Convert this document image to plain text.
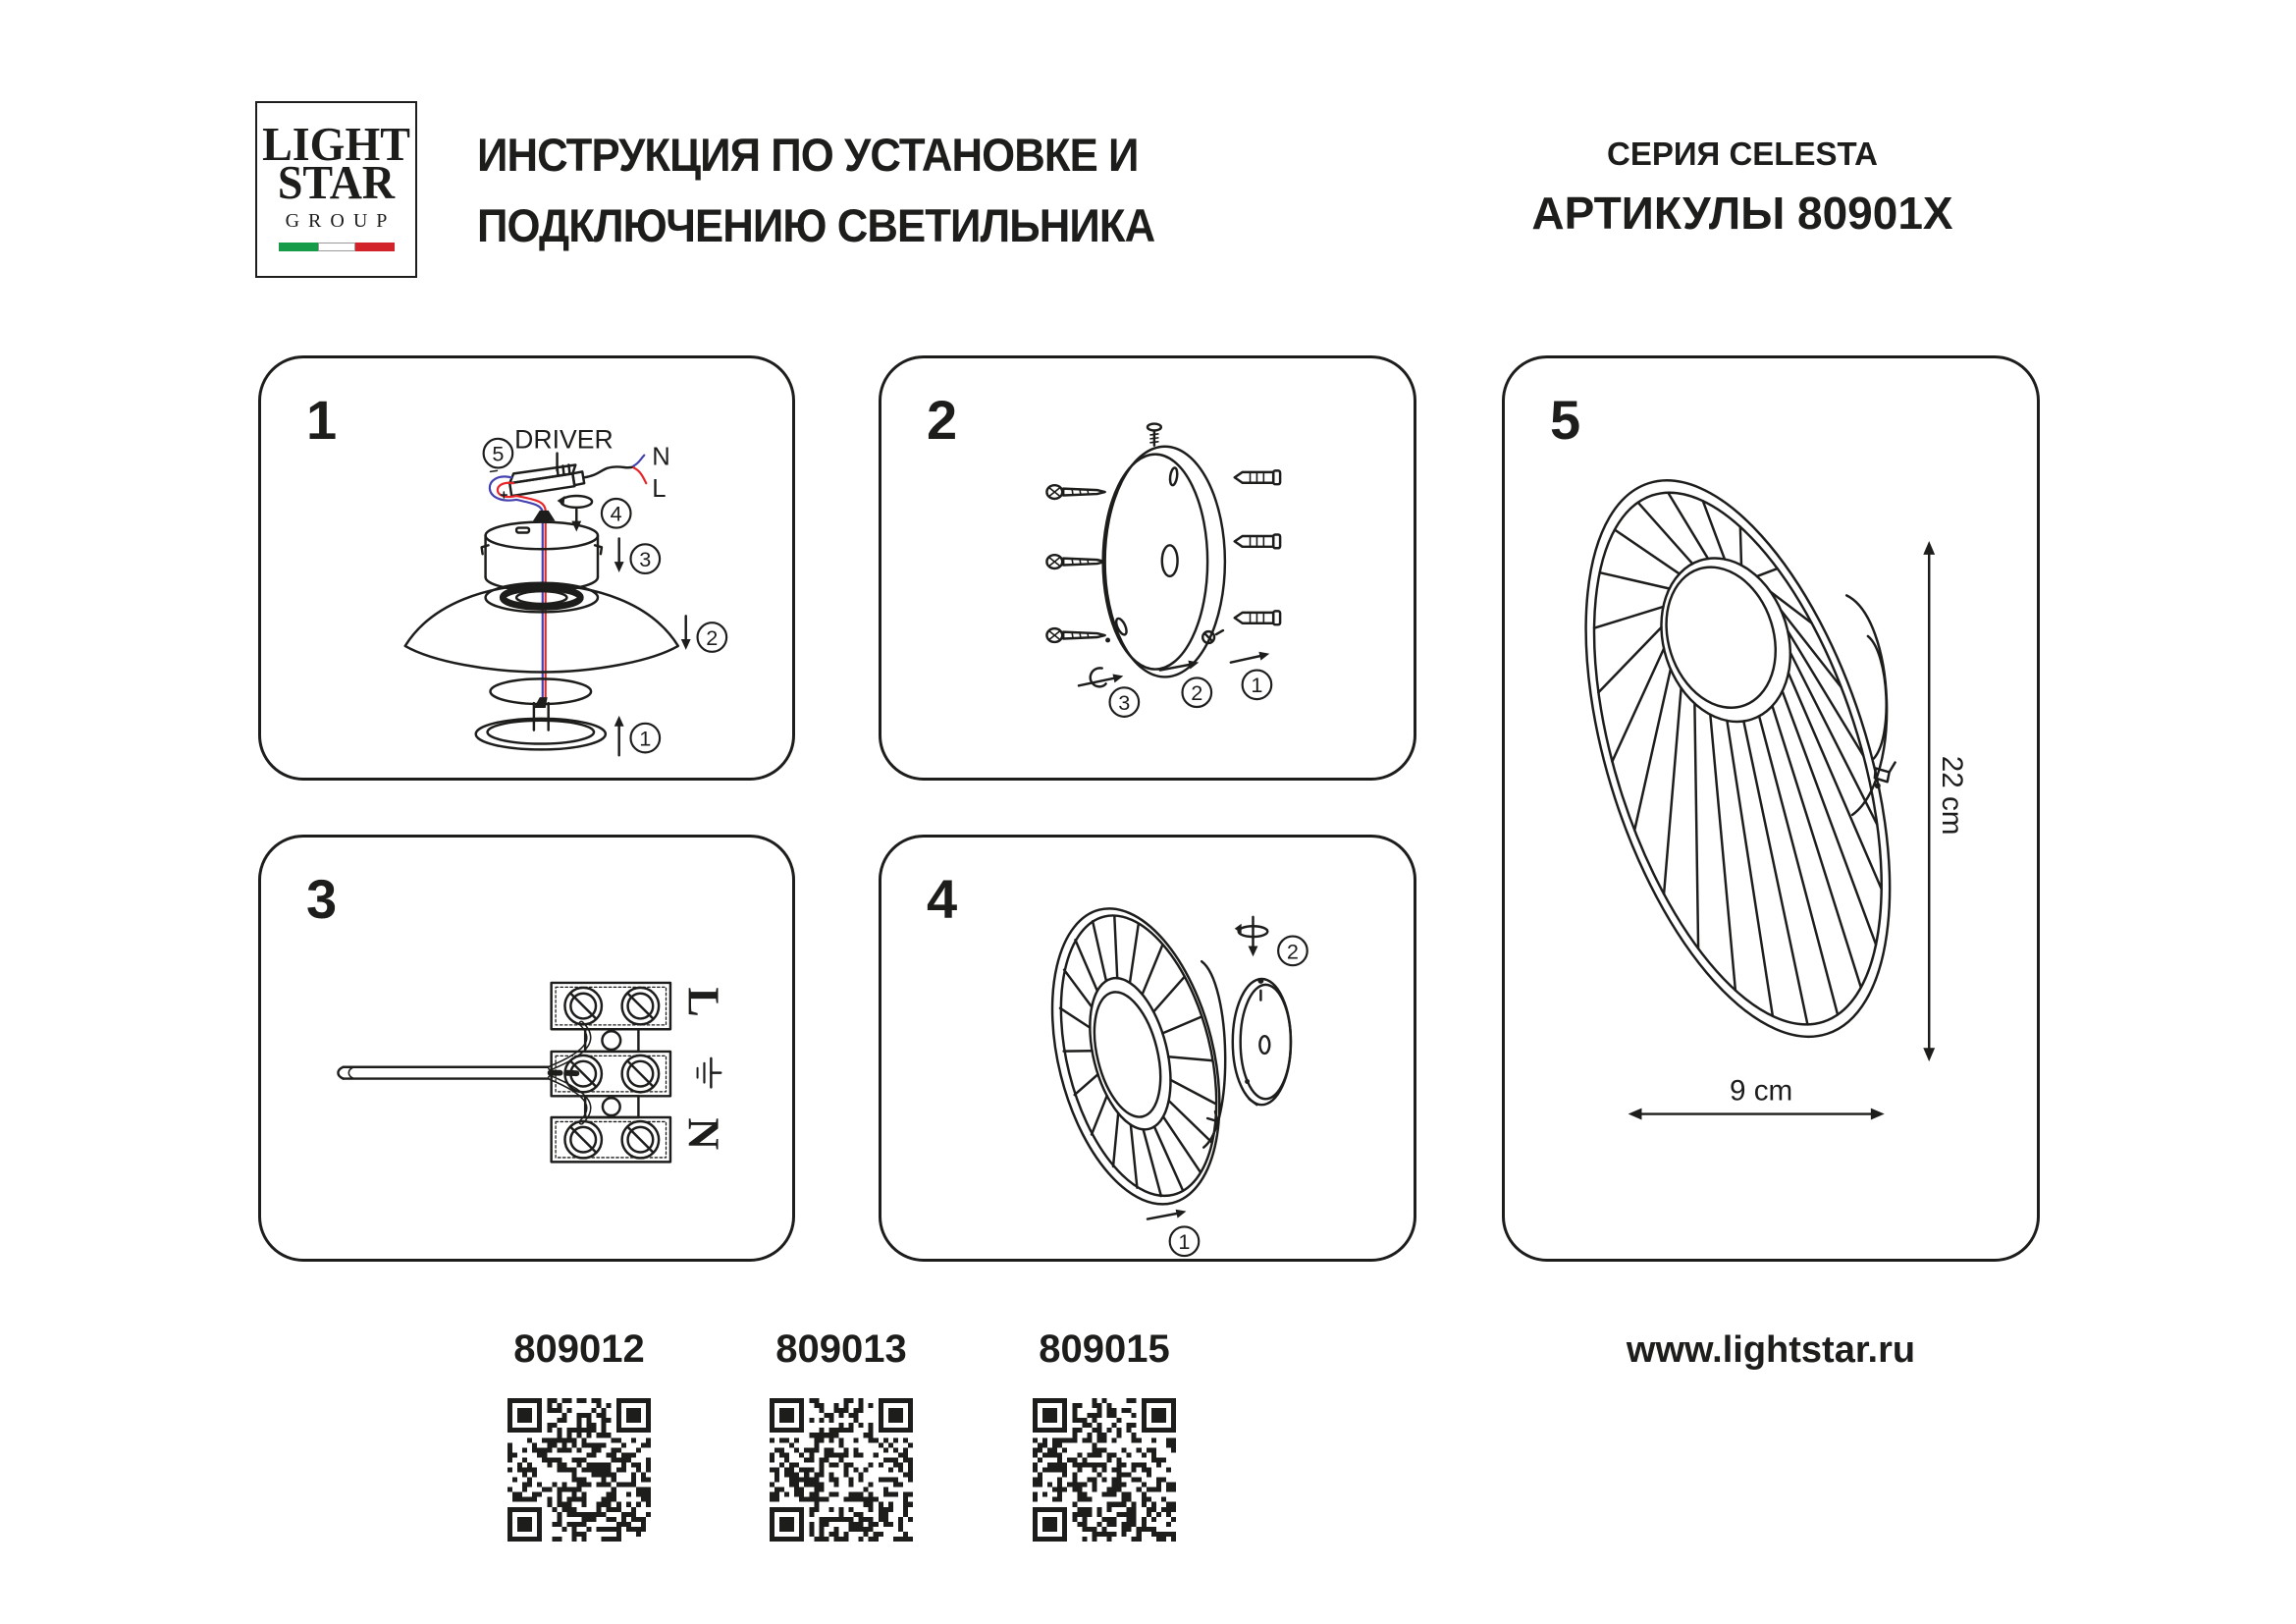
LIGHT
STAR
GROUP
ИНСТРУКЦИЯ ПО УСТАНОВКЕ И
ПОДКЛЮЧЕНИЮ СВЕТИЛЬНИКА
СЕРИЯ CELESTA
АРТИКУЛЫ 80901X
1	DRIVER
N
L
5
4
3
2
1
2
3	2 1
3
L
N
4
2
1
5
22 cm
9 cm
809012	809013	809015	www.lightstar.ru
